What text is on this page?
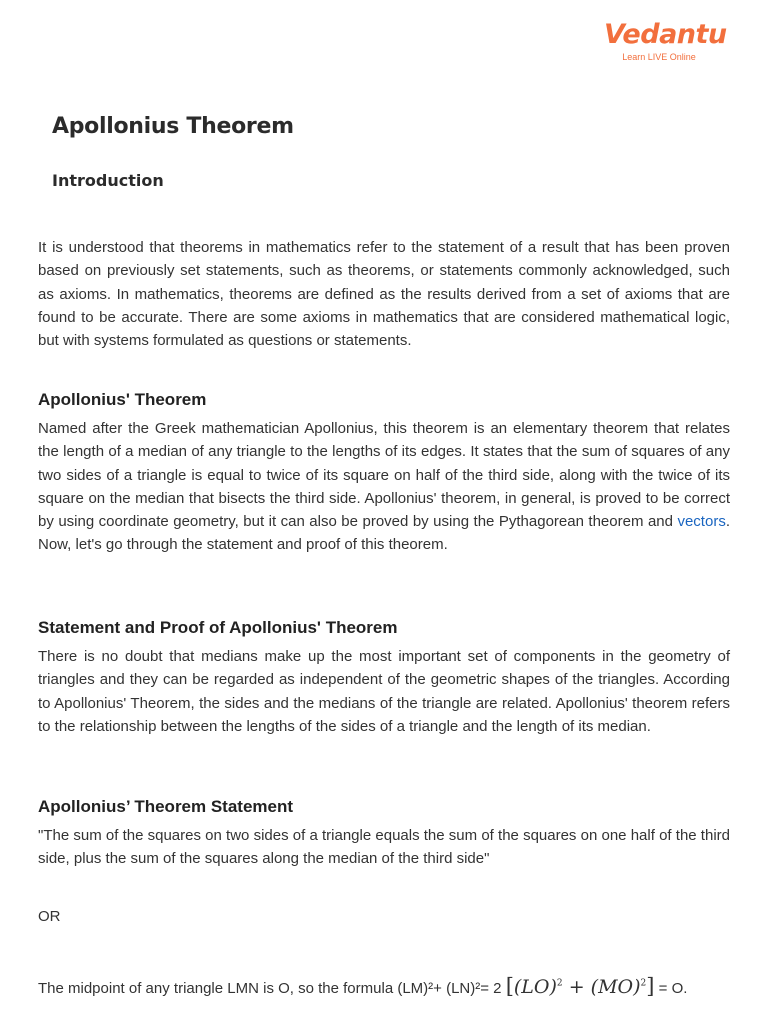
Vedantu
Learn LIVE Online
Apollonius Theorem
Introduction

It is understood that theorems in mathematics refer to the statement of a result that has been proven based on previously set statements, such as theorems, or statements commonly acknowledged, such as axioms. In mathematics, theorems are defined as the results derived from a set of axioms that are found to be accurate. There are some axioms in mathematics that are considered mathematical logic, but with systems formulated as questions or statements.

Apollonius' Theorem

Named after the Greek mathematician Apollonius, this theorem is an elementary theorem that relates the length of a median of any triangle to the lengths of its edges. It states that the sum of squares of any two sides of a triangle is equal to twice of its square on half of the third side, along with the twice of its square on the median that bisects the third side. Apollonius' theorem, in general, is proved to be correct by using coordinate geometry, but it can also be proved by using the Pythagorean theorem and vectors. Now, let's go through the statement and proof of this theorem.

Statement and Proof of Apollonius' Theorem

There is no doubt that medians make up the most important set of components in the geometry of triangles and they can be regarded as independent of the geometric shapes of the triangles. According to Apollonius' Theorem, the sides and the medians of the triangle are related. Apollonius' theorem refers to the relationship between the lengths of the sides of a triangle and the length of its median.

Apollonius’ Theorem Statement

"The sum of the squares on two sides of a triangle equals the sum of the squares on one half of the third side, plus the sum of the squares along the median of the third side"

OR

The midpoint of any triangle LMN is O, so the formula (LM)²+ (LN)²= 2 [(LO)$^2$ + (MO)$^2$] = O.
